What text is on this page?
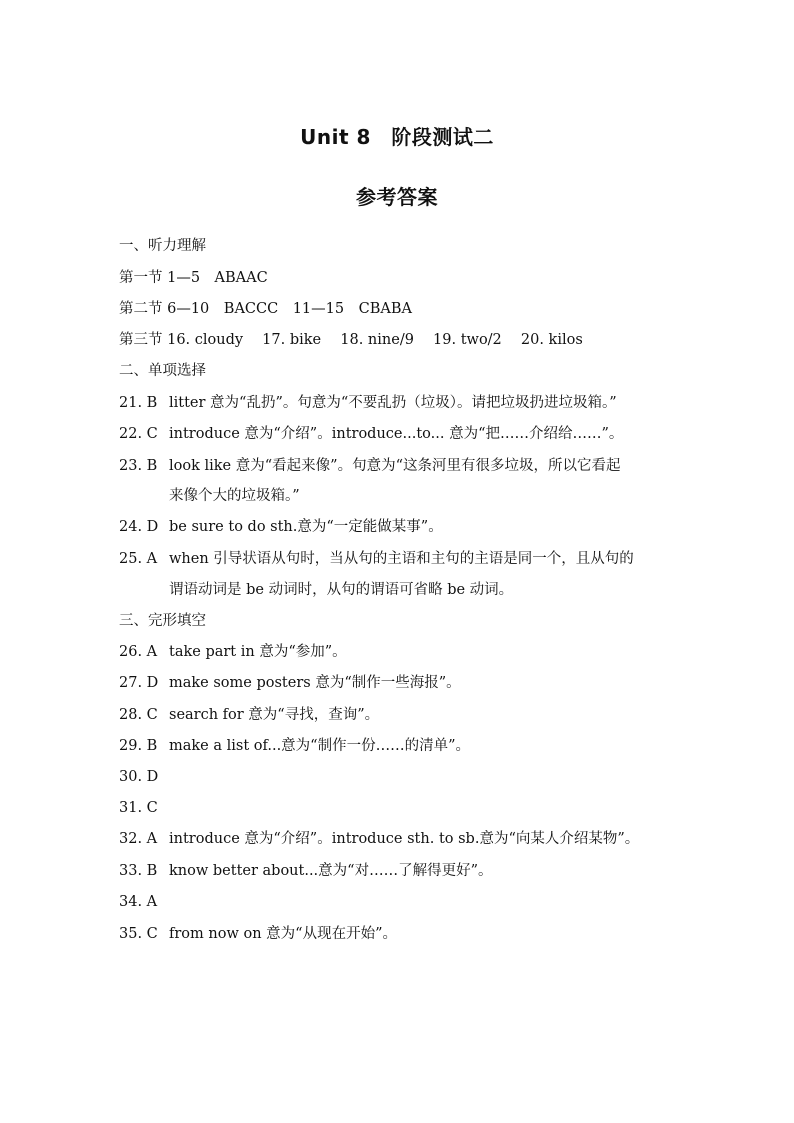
Unit 8　阶段测试二
参考答案
一、听力理解
第一节 1—5　ABAAC
第二节 6—10　BACCC　11—15　CBABA
第三节 16. cloudy　 17. bike　 18. nine/9　 19. two/2　 20. kilos
二、单项选择
21. B litter 意为“乱扔”。句意为“不要乱扔（垃圾）。请把垃圾扔进垃圾箱。”
22. C introduce 意为“介绍”。introduce...to... 意为“把……介绍给……”。
23. B look like 意为“看起来像”。句意为“这条河里有很多垃圾，所以它看起
来像个大的垃圾箱。”
24. D be sure to do sth.意为“一定能做某事”。
25. A when 引导状语从句时，当从句的主语和主句的主语是同一个，且从句的
谓语动词是 be 动词时，从句的谓语可省略 be 动词。
三、完形填空
26. A take part in 意为“参加”。
27. D make some posters 意为“制作一些海报”。
28. C search for 意为“寻找，查询”。
29. B make a list of...意为“制作一份……的清单”。
30. D
31. C
32. A introduce 意为“介绍”。introduce sth. to sb.意为“向某人介绍某物”。
33. B know better about...意为“对……了解得更好”。
34. A
35. C from now on 意为“从现在开始”。
